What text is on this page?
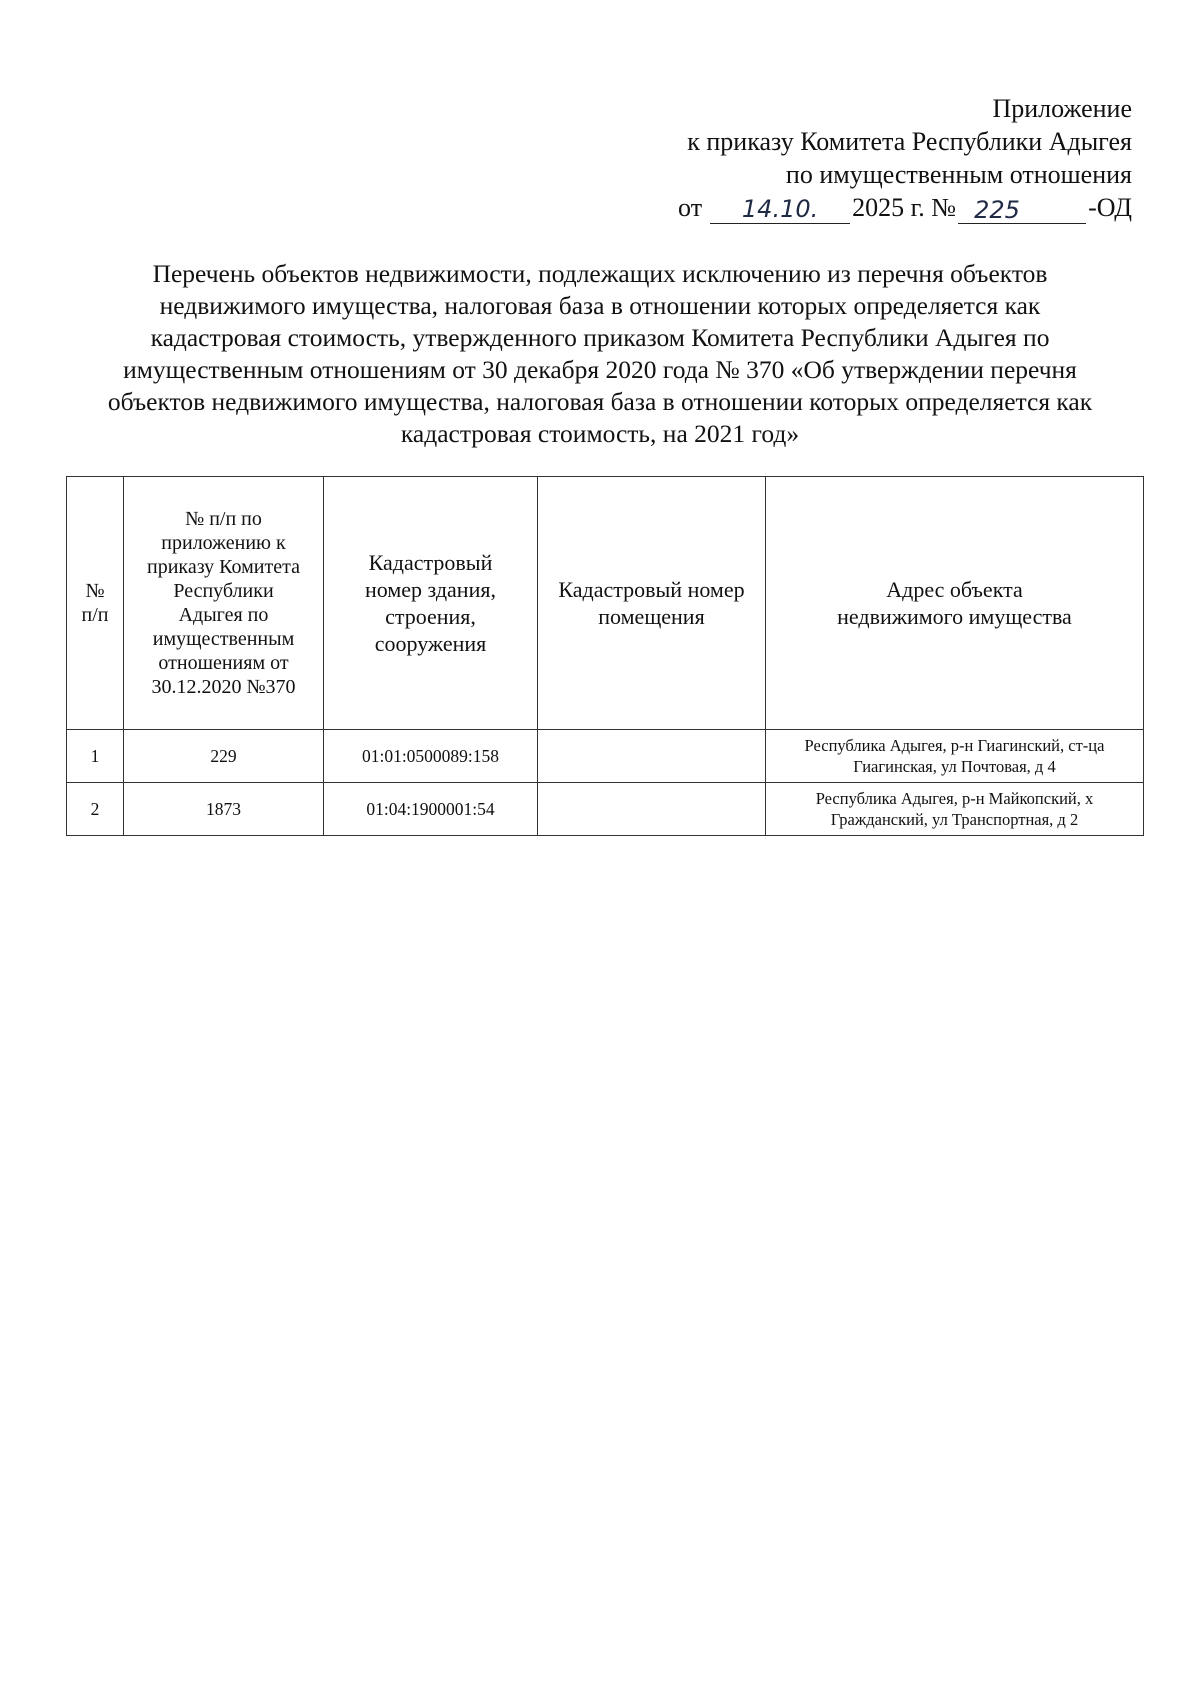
Приложение
к приказу Комитета Республики Адыгея
по имущественным отношения
от	14.10.	2025 г. № 225	-ОД
Перечень объектов недвижимости, подлежащих исключению из перечня объектов
недвижимого имущества, налоговая база в отношении которых определяется как
кадастровая стоимость, утвержденного приказом Комитета Республики Адыгея по
имущественным отношениям от 30 декабря 2020 года № 370 «Об утверждении перечня
объектов недвижимого имущества, налоговая база в отношении которых определяется как
кадастровая стоимость, на 2021 год»
№ п/п	№ п/п по приложению к приказу Комитета Республики Адыгея по имущественным отношениям от 30.12.2020 №370	Кадастровый номер здания, строения, сооружения	Кадастровый номер помещения	Адрес объекта недвижимого имущества

1	229	01:01:0500089:158		Республика Адыгея, р-н Гиагинский, ст-ца Гиагинская, ул Почтовая, д 4
2	1873	01:04:1900001:54		Республика Адыгея, р-н Майкопский, х Гражданский, ул Транспортная, д 2
